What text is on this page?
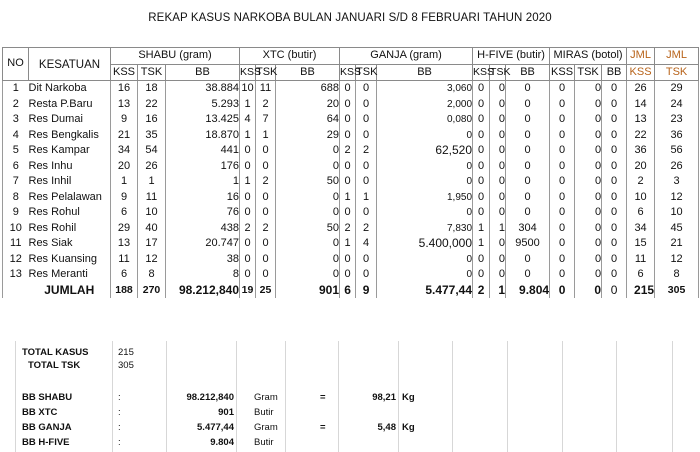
REKAP KASUS NARKOBA BULAN JANUARI S/D 8 FEBRUARI TAHUN 2020
NO	KESATUAN	SHABU (gram)			XTC (butir)			GANJA (gram)			H-FIVE (butir)			MIRAS (botol)			JML	JML
		KSS	TSK	BB	KSS	TSK	BB	KSS	TSK	BB	KSS	TSK	BB	KSS	TSK	BB	KSS	TSK
1	Dit Narkoba	16	18	38.884	10	11	688	0	0	3,060	0	0	0	0	0	0	26	29
2	Resta P.Baru	13	22	5.293	1	2	20	0	0	2,000	0	0	0	0	0	0	14	24
3	Res Dumai	9	16	13.425	4	7	64	0	0	0,080	0	0	0	0	0	0	13	23
4	Res Bengkalis	21	35	18.870	1	1	29	0	0	0	0	0	0	0	0	0	22	36
5	Res Kampar	34	54	441	0	0	0	2	2	62,520	0	0	0	0	0	0	36	56
6	Res Inhu	20	26	176	0	0	0	0	0	0	0	0	0	0	0	0	20	26
7	Res Inhil	1	1	1	1	2	50	0	0	0	0	0	0	0	0	0	2	3
8	Res Pelalawan	9	11	16	0	0	0	1	1	1,950	0	0	0	0	0	0	10	12
9	Res Rohul	6	10	76	0	0	0	0	0	0	0	0	0	0	0	0	6	10
10	Res Rohil	29	40	438	2	2	50	2	2	7,830	1	1	304	0	0	0	34	45
11	Res Siak	13	17	20.747	0	0	0	1	4	5.400,000	1	0	9500	0	0	0	15	21
12	Res Kuansing	11	12	38	0	0	0	0	0	0	0	0	0	0	0	0	11	12
13	Res Meranti	6	8	8	0	0	0	0	0	0	0	0	0	0	0	0	6	8
	JUMLAH	188	270	98.212,840	19	25	901	6	9	5.477,44	2	1	9.804	0	0	0	215	305
TOTAL KASUS	215
TOTAL TSK	305
BB SHABU	:	98.212,840 Gram	=	98,21 Kg
BB XTC	:	901 Butir
BB GANJA	:	5.477,44 Gram	=	5,48 Kg
BB H-FIVE	:	9.804 Butir
